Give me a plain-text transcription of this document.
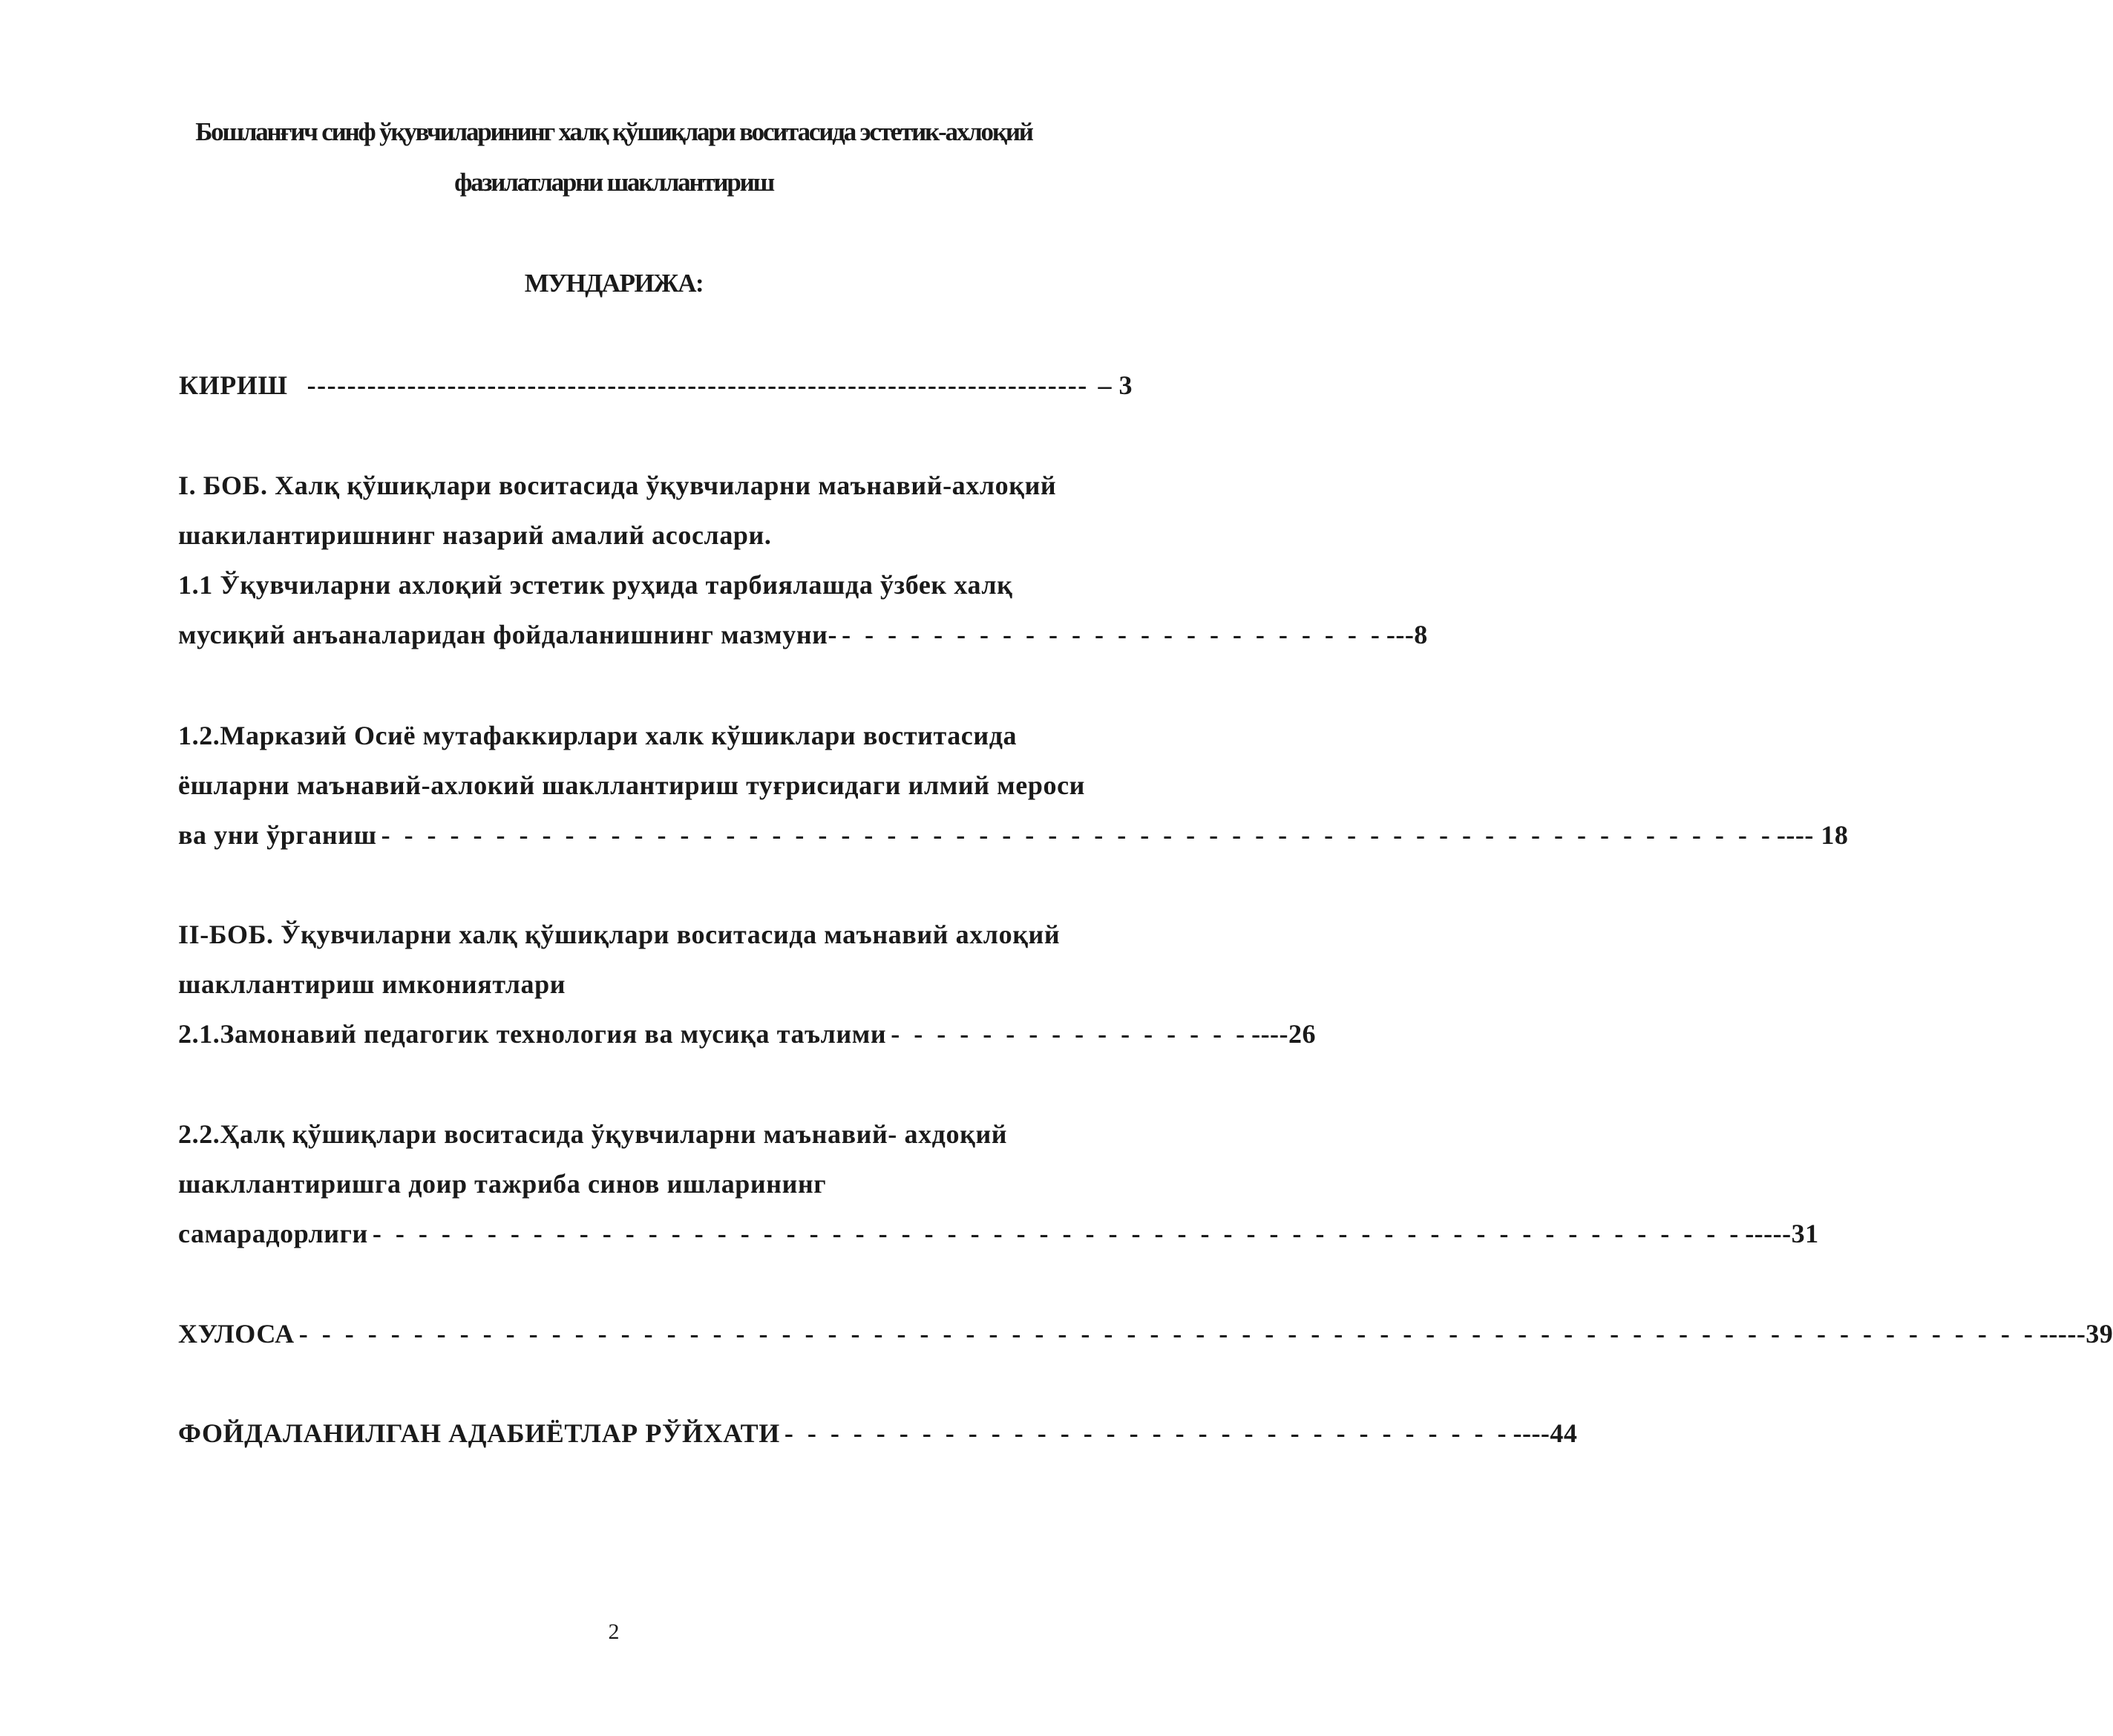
Бошланғич синф ўқувчиларининг халқ қўшиқлари воситасида эстетик-ахлоқий
фазилатларни шакллантириш
МУНДАРИЖА:
КИРИШ ------------------------------------------------------------------------------ – 3
I. БОБ. Халқ қўшиқлари воситасида ўқувчиларни маънавий-ахлоқий
шакилантиришнинг назарий амалий асослари.
1.1 Ўқувчиларни ахлоқий эстетик руҳида тарбиялашда ўзбек халқ
мусиқий анъаналаридан фойдаланишнинг мазмуни- - - - - - - - - - - - - - - - - - - - - - - - - ---8
1.2.Марказий Осиё мутафаккирлари халк кўшиклари воститасида
ёшларни маънавий-ахлокий шакллантириш туғрисидаги илмий мероси
ва уни ўрганиш - - - - - - - - - - - - - - - - - - - - - - - - - - - - - - - - - - - - - - - - - - - - - - - - - - - - - - - - - - - - - ---- 18
II-БОБ. Ўқувчиларни халқ қўшиқлари воситасида маънавий ахлоқий
шакллантириш имкониятлари
2.1.Замонавий педагогик технология ва мусиқа таълими - - - - - - - - - - - - - - - - ----26
2.2.Ҳалқ қўшиқлари воситасида ўқувчиларни маънавий- аxдоқий
шакллантиришга доир тажриба синов ишларининг
самарадорлиги - - - - - - - - - - - - - - - - - - - - - - - - - - - - - - - - - - - - - - - - - - - - - - - - - - - - - - - - - - - - -----31
ХУЛОСА - - - - - - - - - - - - - - - - - - - - - - - - - - - - - - - - - - - - - - - - - - - - - - - - - - - - - - - - - - - - - - - - - - - - - - - - - - - - -----39
ФОЙДАЛАНИЛГАН АДАБИЁТЛАР РЎЙХАТИ - - - - - - - - - - - - - - - - - - - - - - - - - - - - - - - - ----44
2
